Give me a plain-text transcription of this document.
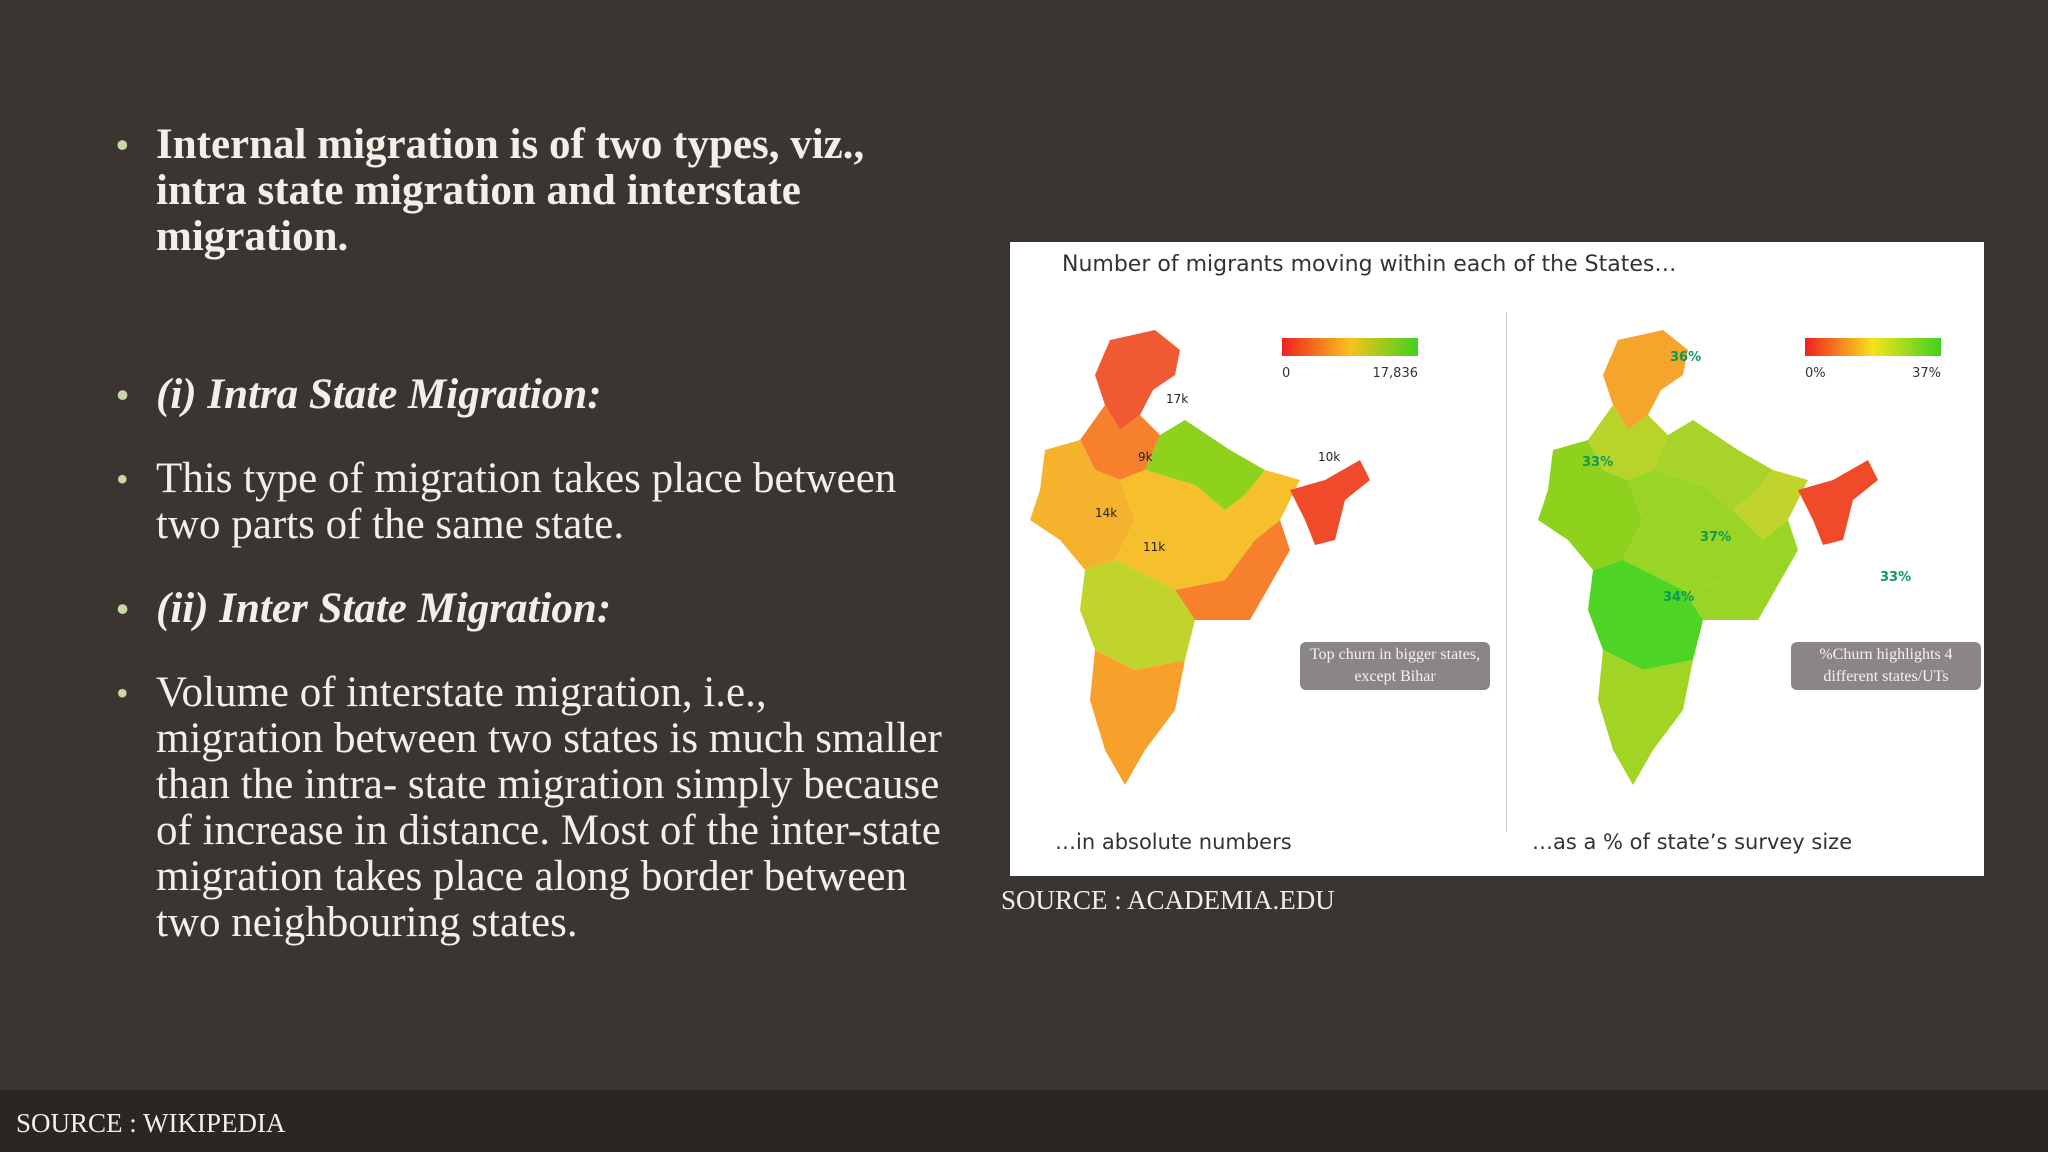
• Internal migration is of two types, viz., intra state migration and interstate migration.
• (i) Intra State Migration:
• This type of migration takes place between two parts of the same state.
• (ii) Inter State Migration:
• Volume of interstate migration, i.e., migration between two states is much smaller than the intra- state migration simply because of increase in distance. Most of the inter-state migration takes place along border between two neighbouring states.
Number of migrants moving within each of the States…
0	17,836	0%	37%
17k
9k	10k
14k
11k
Top churn in bigger states, except Bihar
…in absolute numbers
36%
33%
37%
34%
33%
%Churn highlights 4 different states/UTs
…as a % of state’s survey size
SOURCE : ACADEMIA.EDU
SOURCE : WIKIPEDIA
